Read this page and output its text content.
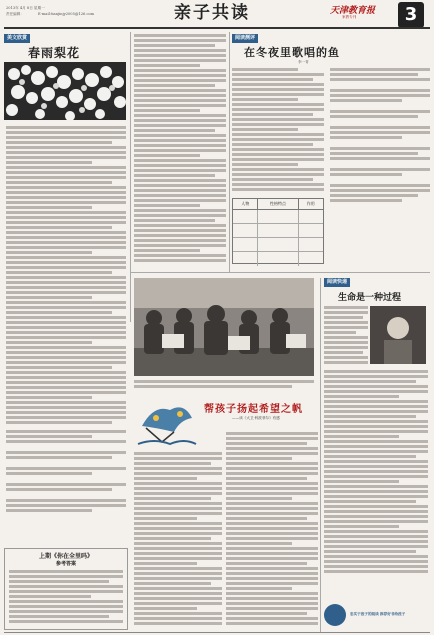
2013年 4月 8日 星期一
责任编辑：	E-mail:tianjinjy2005@126.com	亲子共读	天津教育报
家教专刊	3
美文欣赏
春雨梨花
上期《你在全里吗》
参考答案
阅读测评
在冬夜里歌唱的鱼
李一青
人物	性格特点	作用
帮孩子扬起希望之帆
——读《大卫·科波菲尔》有感
阅读快递
生命是一种过程
忠实于孩子的阅读 推荐好书给孩子
